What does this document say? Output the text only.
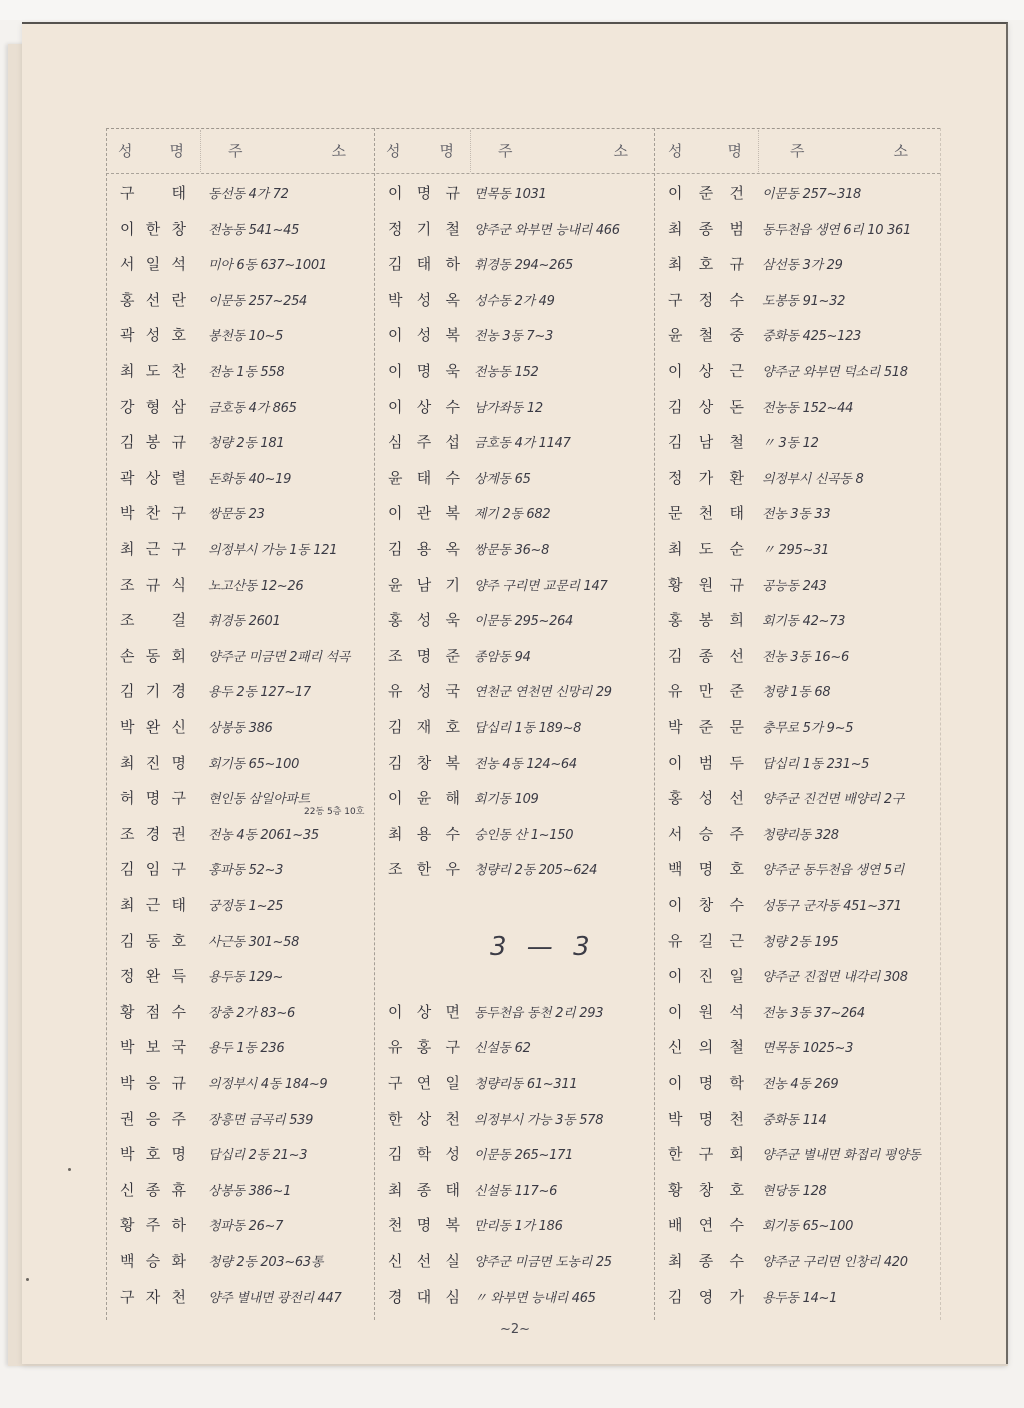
성 명	주 소	성 명	주 소	성 명	주 소
구 태 동선동 4가 72
이 한 창 전농동 541~45
서 일 석 미아 6동 637~1001
홍 선 란 이문동 257~254
곽 성 호 봉천동 10~5
최 도 찬 전농 1동 558
강 형 삼 금호동 4가 865
김 봉 규 청량 2동 181
곽 상 렬 돈화동 40~19
박 찬 구 쌍문동 23
최 근 구 의정부시 가능 1동 121
조 규 식 노고산동 12~26
조 걸 휘경동 2601
손 동 회 양주군 미금면 2패리 석곡
김 기 경 용두 2동 127~17
박 완 신 상봉동 386
최 진 명 회기동 65~100
허 명 구 현인동 삼일아파트
22동 5층 10호
조 경 권 전농 4동 2061~35
김 임 구 홍파동 52~3
최 근 태 궁정동 1~25
김 동 호 사근동 301~58
정 완 득 용두동 129~
황 점 수 장충 2가 83~6
박 보 국 용두 1동 236
박 응 규 의정부시 4동 184~9
권 응 주 장흥면 금곡리 539
박 호 명 답십리 2동 21~3
신 종 휴 상봉동 386~1
황 주 하 청파동 26~7
백 승 화 청량 2동 203~63통
구 자 천 양주 별내면 광전리 447
이 명 규 면목동 1031
정 기 철 양주군 와부면 능내리 466
김 태 하 휘경동 294~265
박 성 옥 성수동 2가 49
이 성 복 전농 3동 7~3
이 명 욱 전농동 152
이 상 수 남가좌동 12
심 주 섭 금호동 4가 1147
윤 태 수 상계동 65
이 관 복 제기 2동 682
김 용 옥 쌍문동 36~8
윤 남 기 양주 구리면 교문리 147
홍 성 욱 이문동 295~264
조 명 준 종암동 94
유 성 국 연천군 연천면 신망리 29
김 재 호 답십리 1동 189~8
김 창 복 전농 4동 124~64
이 윤 해 회기동 109
최 용 수 숭인동 산 1~150
조 한 우 청량리 2동 205~624
이 상 면 동두천읍 동천 2리 293
유 홍 구 신설동 62
구 연 일 청량리동 61~311
한 상 천 의정부시 가능 3동 578
김 학 성 이문동 265~171
최 종 태 신설동 117~6
천 명 복 만리동 1가 186
신 선 실 양주군 미금면 도농리 25
경 대 심 〃 와부면 능내리 465
이 준 건 이문동 257~318
최 종 범 동두천읍 생연 6리 10 361
최 호 규 삼선동 3가 29
구 정 수 도봉동 91~32
윤 철 중 중화동 425~123
이 상 근 양주군 와부면 덕소리 518
김 상 돈 전농동 152~44
김 남 철 〃 3동 12
정 가 환 의정부시 신곡동 8
문 천 태 전농 3동 33
최 도 순 〃 295~31
황 원 규 공능동 243
홍 봉 희 회기동 42~73
김 종 선 전농 3동 16~6
유 만 준 청량 1동 68
박 준 문 충무로 5가 9~5
이 범 두 답십리 1동 231~5
홍 성 선 양주군 진건면 배양리 2구
서 승 주 청량리동 328
백 명 호 양주군 동두천읍 생연 5리
이 창 수 성동구 군자동 451~371
유 길 근 청량 2동 195
이 진 일 양주군 진접면 내각리 308
이 원 석 전농 3동 37~264
신 의 철 면목동 1025~3
이 명 학 전농 4동 269
박 명 천 중화동 114
한 구 회 양주군 별내면 화접리 평양동
황 창 호 현당동 128
배 연 수 회기동 65~100
최 종 수 양주군 구리면 인창리 420
김 영 가 용두동 14~1
3 — 3
~2~
